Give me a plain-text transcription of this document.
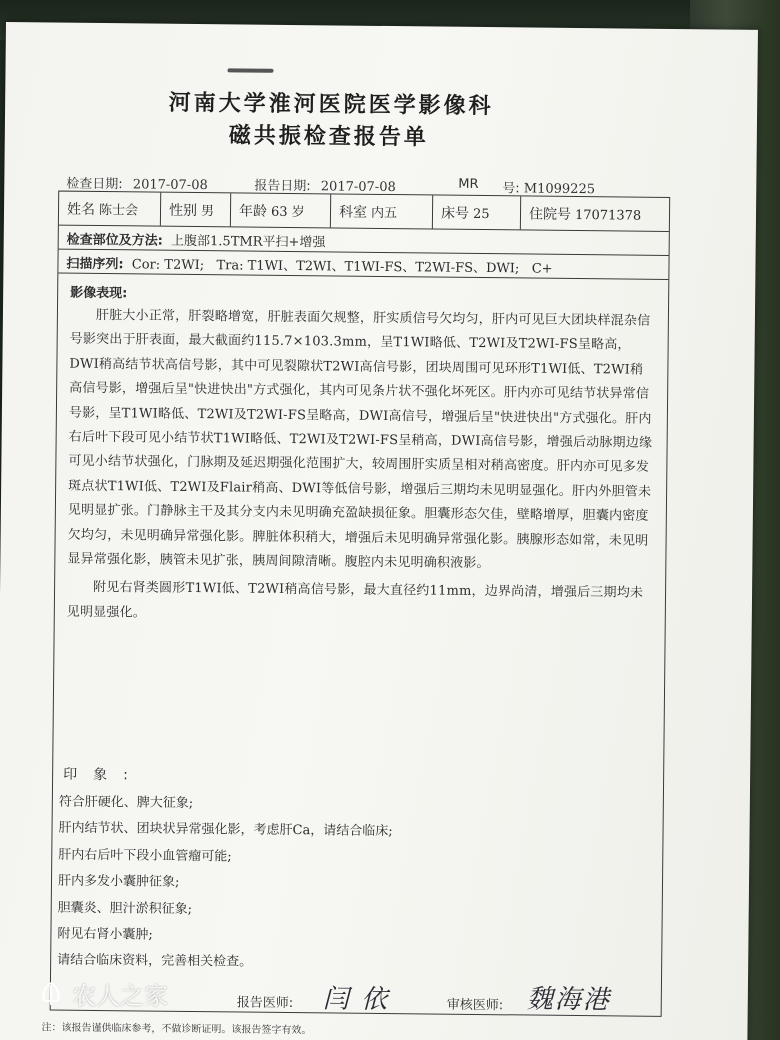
河南大学淮河医院医学影像科
磁共振检查报告单
检查日期: 2017-07-08	报告日期: 2017-07-08	MR 号: M1099225
姓名 陈士会	性别 男	年龄 63 岁	科室 内五	床号 25	住院号 17071378
检查部位及方法: 上腹部1.5TMR平扫+增强
扫描序列: Cor: T2WI;   Tra: T1WI、T2WI、T1WI-FS、T2WI-FS、DWI;   C+
影像表现:

肝脏大小正常，肝裂略增宽，肝脏表面欠规整，肝实质信号欠均匀，肝内可见巨大团块样混杂信号影突出于肝表面，最大截面约115.7×103.3mm，呈T1WI略低、T2WI及T2WI-FS呈略高，DWI稍高结节状高信号影，其中可见裂隙状T2WI高信号影，团块周围可见环形T1WI低、T2WI稍高信号影，增强后呈"快进快出"方式强化，其内可见条片状不强化坏死区。肝内亦可见结节状异常信号影，呈T1WI略低、T2WI及T2WI-FS呈略高，DWI高信号，增强后呈"快进快出"方式强化。肝内右后叶下段可见小结节状T1WI略低、T2WI及T2WI-FS呈稍高，DWI高信号影，增强后动脉期边缘可见小结节状强化，门脉期及延迟期强化范围扩大，较周围肝实质呈相对稍高密度。肝内亦可见多发斑点状T1WI低、T2WI及Flair稍高、DWI等低信号影，增强后三期均未见明显强化。肝内外胆管未见明显扩张。门静脉主干及其分支内未见明确充盈缺损征象。胆囊形态欠佳，壁略增厚，胆囊内密度欠均匀，未见明确异常强化影。脾脏体积稍大，增强后未见明确异常强化影。胰腺形态如常，未见明显异常强化影，胰管未见扩张，胰周间隙清晰。腹腔内未见明确积液影。

附见右肾类圆形T1WI低、T2WI稍高信号影，最大直径约11mm，边界尚清，增强后三期均未见明显强化。

印象:
符合肝硬化、脾大征象;
肝内结节状、团块状异常强化影，考虑肝Ca，请结合临床;
肝内右后叶下段小血管瘤可能;
肝内多发小囊肿征象;
胆囊炎、胆汁淤积征象;
附见右肾小囊肿;
请结合临床资料，完善相关检查。
报告医师: 闫 依	审核医师: 魏海港
注：该报告谨供临床参考，不做诊断证明。该报告签字有效。
农人之家
